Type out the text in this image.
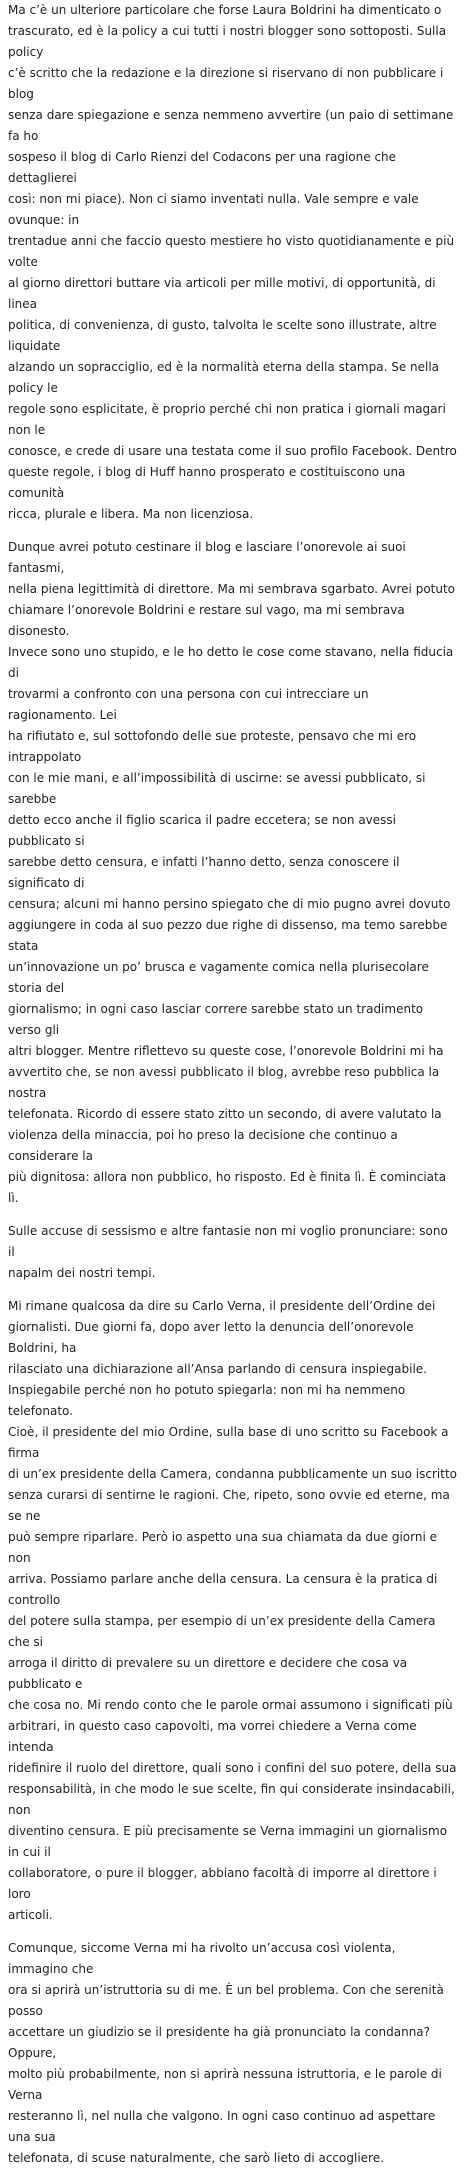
Ma c’è un ulteriore particolare che forse Laura Boldrini ha dimenticato o
trascurato, ed è la policy a cui tutti i nostri blogger sono sottoposti. Sulla policy
c’è scritto che la redazione e la direzione si riservano di non pubblicare i blog
senza dare spiegazione e senza nemmeno avvertire (un paio di settimane fa ho
sospeso il blog di Carlo Rienzi del Codacons per una ragione che dettaglierei
così: non mi piace). Non ci siamo inventati nulla. Vale sempre e vale ovunque: in
trentadue anni che faccio questo mestiere ho visto quotidianamente e più volte
al giorno direttori buttare via articoli per mille motivi, di opportunità, di linea
politica, di convenienza, di gusto, talvolta le scelte sono illustrate, altre liquidate
alzando un sopracciglio, ed è la normalità eterna della stampa. Se nella policy le
regole sono esplicitate, è proprio perché chi non pratica i giornali magari non le
conosce, e crede di usare una testata come il suo profilo Facebook. Dentro
queste regole, i blog di Huff hanno prosperato e costituiscono una comunità
ricca, plurale e libera. Ma non licenziosa.

Dunque avrei potuto cestinare il blog e lasciare l’onorevole ai suoi fantasmi,
nella piena legittimità di direttore. Ma mi sembrava sgarbato. Avrei potuto
chiamare l’onorevole Boldrini e restare sul vago, ma mi sembrava disonesto.
Invece sono uno stupido, e le ho detto le cose come stavano, nella fiducia di
trovarmi a confronto con una persona con cui intrecciare un ragionamento. Lei
ha rifiutato e, sul sottofondo delle sue proteste, pensavo che mi ero intrappolato
con le mie mani, e all’impossibilità di uscirne: se avessi pubblicato, si sarebbe
detto ecco anche il figlio scarica il padre eccetera; se non avessi pubblicato si
sarebbe detto censura, e infatti l’hanno detto, senza conoscere il significato di
censura; alcuni mi hanno persino spiegato che di mio pugno avrei dovuto
aggiungere in coda al suo pezzo due righe di dissenso, ma temo sarebbe stata
un’innovazione un po’ brusca e vagamente comica nella plurisecolare storia del
giornalismo; in ogni caso lasciar correre sarebbe stato un tradimento verso gli
altri blogger. Mentre riflettevo su queste cose, l’onorevole Boldrini mi ha
avvertito che, se non avessi pubblicato il blog, avrebbe reso pubblica la nostra
telefonata. Ricordo di essere stato zitto un secondo, di avere valutato la
violenza della minaccia, poi ho preso la decisione che continuo a considerare la
più dignitosa: allora non pubblico, ho risposto. Ed è finita lì. È cominciata lì.

Sulle accuse di sessismo e altre fantasie non mi voglio pronunciare: sono il
napalm dei nostri tempi.

Mi rimane qualcosa da dire su Carlo Verna, il presidente dell’Ordine dei
giornalisti. Due giorni fa, dopo aver letto la denuncia dell’onorevole Boldrini, ha
rilasciato una dichiarazione all’Ansa parlando di censura inspiegabile.
Inspiegabile perché non ho potuto spiegarla: non mi ha nemmeno telefonato.
Cioè, il presidente del mio Ordine, sulla base di uno scritto su Facebook a firma
di un’ex presidente della Camera, condanna pubblicamente un suo iscritto
senza curarsi di sentirne le ragioni. Che, ripeto, sono ovvie ed eterne, ma se ne
può sempre riparlare. Però io aspetto una sua chiamata da due giorni e non
arriva. Possiamo parlare anche della censura. La censura è la pratica di controllo
del potere sulla stampa, per esempio di un’ex presidente della Camera che si
arroga il diritto di prevalere su un direttore e decidere che cosa va pubblicato e
che cosa no. Mi rendo conto che le parole ormai assumono i significati più
arbitrari, in questo caso capovolti, ma vorrei chiedere a Verna come intenda
ridefinire il ruolo del direttore, quali sono i confini del suo potere, della sua
responsabilità, in che modo le sue scelte, fin qui considerate insindacabili, non
diventino censura. E più precisamente se Verna immagini un giornalismo in cui il
collaboratore, o pure il blogger, abbiano facoltà di imporre al direttore i loro
articoli.

Comunque, siccome Verna mi ha rivolto un’accusa così violenta, immagino che
ora si aprirà un’istruttoria su di me. È un bel problema. Con che serenità posso
accettare un giudizio se il presidente ha già pronunciato la condanna? Oppure,
molto più probabilmente, non si aprirà nessuna istruttoria, e le parole di Verna
resteranno lì, nel nulla che valgono. In ogni caso continuo ad aspettare una sua
telefonata, di scuse naturalmente, che sarò lieto di accogliere.
